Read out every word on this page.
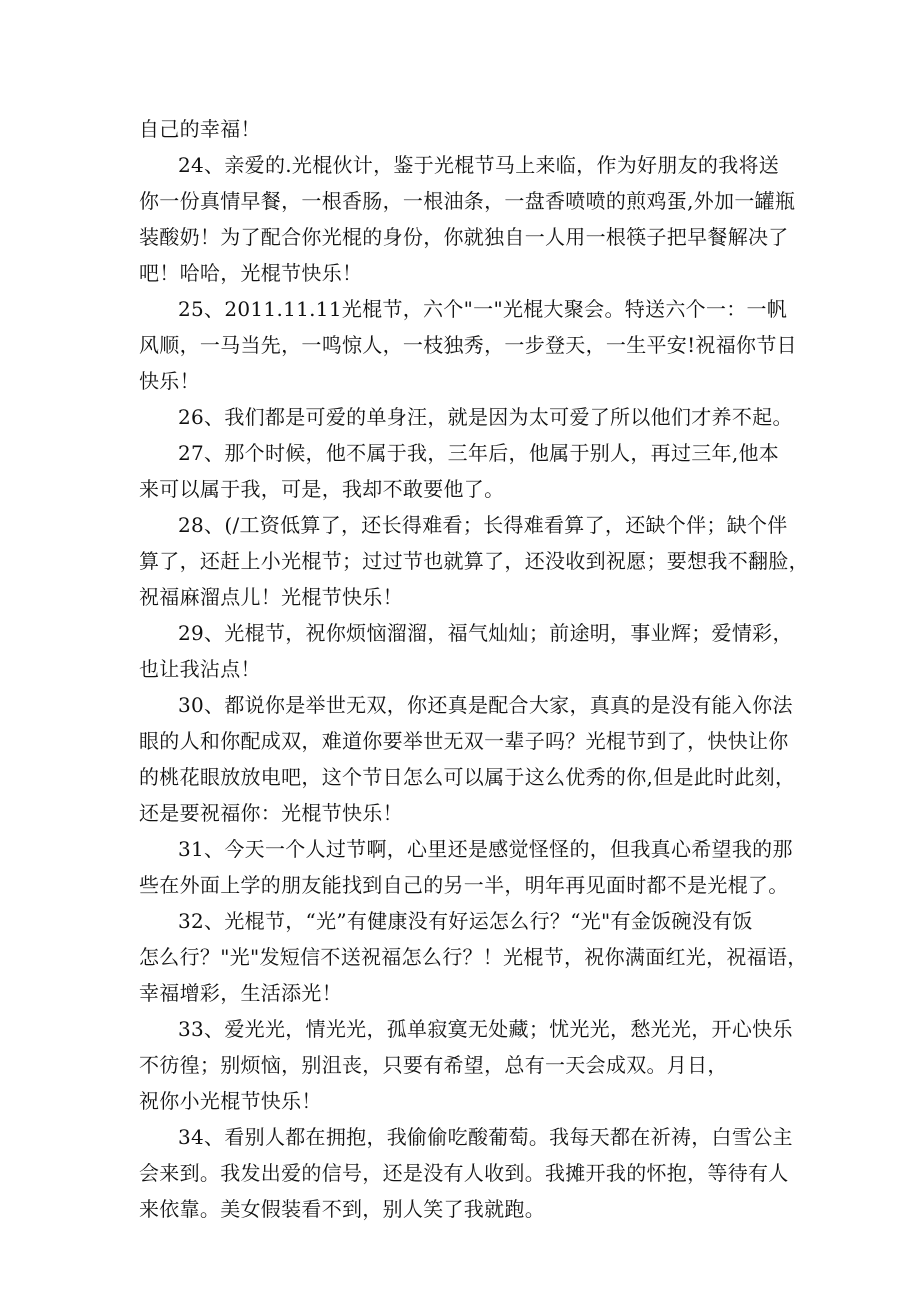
自己的幸福！
24、亲爱的.光棍伙计，鉴于光棍节马上来临，作为好朋友的我将送
你一份真情早餐，一根香肠，一根油条，一盘香喷喷的煎鸡蛋,外加一罐瓶
装酸奶！为了配合你光棍的身份，你就独自一人用一根筷子把早餐解决了
吧！哈哈，光棍节快乐！
25、2011.11.11光棍节，六个"一"光棍大聚会。特送六个一：一帆
风顺，一马当先，一鸣惊人，一枝独秀，一步登天，一生平安!祝福你节日
快乐！
26、我们都是可爱的单身汪，就是因为太可爱了所以他们才养不起。
27、那个时候，他不属于我，三年后，他属于别人，再过三年,他本
来可以属于我，可是，我却不敢要他了。
28、(/工资低算了，还长得难看；长得难看算了，还缺个伴；缺个伴
算了，还赶上小光棍节；过过节也就算了，还没收到祝愿；要想我不翻脸，
祝福麻溜点儿！光棍节快乐！
29、光棍节，祝你烦恼溜溜，福气灿灿；前途明，事业辉；爱情彩，
也让我沾点！
30、都说你是举世无双，你还真是配合大家，真真的是没有能入你法
眼的人和你配成双，难道你要举世无双一辈子吗？光棍节到了，快快让你
的桃花眼放放电吧，这个节日怎么可以属于这么优秀的你,但是此时此刻，
还是要祝福你：光棍节快乐！
31、今天一个人过节啊，心里还是感觉怪怪的，但我真心希望我的那
些在外面上学的朋友能找到自己的另一半，明年再见面时都不是光棍了。
32、光棍节，“光”有健康没有好运怎么行？“光"有金饭碗没有饭
怎么行？"光"发短信不送祝福怎么行？！光棍节，祝你满面红光，祝福语，
幸福增彩，生活添光！
33、爱光光，情光光，孤单寂寞无处藏；忧光光，愁光光，开心快乐
不彷徨；别烦恼，别沮丧，只要有希望，总有一天会成双。月日，
祝你小光棍节快乐！
34、看别人都在拥抱，我偷偷吃酸葡萄。我每天都在祈祷，白雪公主
会来到。我发出爱的信号，还是没有人收到。我摊开我的怀抱，等待有人
来依靠。美女假装看不到，别人笑了我就跑。
